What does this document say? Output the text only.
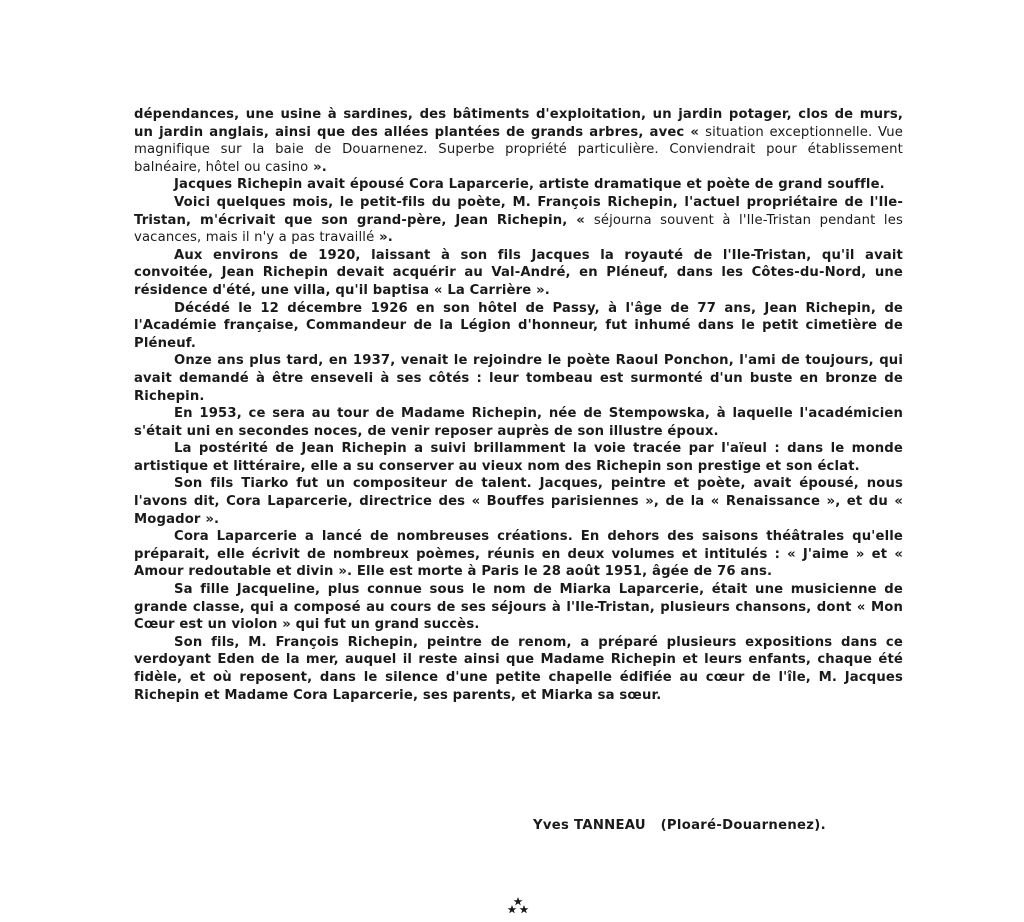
dépendances, une usine à sardines, des bâtiments d'exploitation, un jardin potager, clos de murs, un jardin anglais, ainsi que des allées plantées de grands arbres, avec « situation exceptionnelle. Vue magnifique sur la baie de Douarnenez. Superbe propriété particulière. Conviendrait pour établissement balnéaire, hôtel ou casino ».

Jacques Richepin avait épousé Cora Laparcerie, artiste dramatique et poète de grand souffle.

Voici quelques mois, le petit-fils du poète, M. François Richepin, l'actuel propriétaire de l'Ile-Tristan, m'écrivait que son grand-père, Jean Richepin, « séjourna souvent à l'Ile-Tristan pendant les vacances, mais il n'y a pas travaillé ».

Aux environs de 1920, laissant à son fils Jacques la royauté de l'Ile-Tristan, qu'il avait convoitée, Jean Richepin devait acquérir au Val-André, en Pléneuf, dans les Côtes-du-Nord, une résidence d'été, une villa, qu'il baptisa « La Carrière ».

Décédé le 12 décembre 1926 en son hôtel de Passy, à l'âge de 77 ans, Jean Richepin, de l'Académie française, Commandeur de la Légion d'honneur, fut inhumé dans le petit cimetière de Pléneuf.

Onze ans plus tard, en 1937, venait le rejoindre le poète Raoul Ponchon, l'ami de toujours, qui avait demandé à être enseveli à ses côtés : leur tombeau est surmonté d'un buste en bronze de Richepin.

En 1953, ce sera au tour de Madame Richepin, née de Stempowska, à laquelle l'académicien s'était uni en secondes noces, de venir reposer auprès de son illustre époux.

La postérité de Jean Richepin a suivi brillamment la voie tracée par l'aïeul : dans le monde artistique et littéraire, elle a su conserver au vieux nom des Richepin son prestige et son éclat.

Son fils Tiarko fut un compositeur de talent. Jacques, peintre et poète, avait épousé, nous l'avons dit, Cora Laparcerie, directrice des « Bouffes parisiennes », de la « Renaissance », et du « Mogador ».

Cora Laparcerie a lancé de nombreuses créations. En dehors des saisons théâtrales qu'elle préparait, elle écrivit de nombreux poèmes, réunis en deux volumes et intitulés : « J'aime » et « Amour redoutable et divin ». Elle est morte à Paris le 28 août 1951, âgée de 76 ans.

Sa fille Jacqueline, plus connue sous le nom de Miarka Laparcerie, était une musicienne de grande classe, qui a composé au cours de ses séjours à l'Ile-Tristan, plusieurs chansons, dont « Mon Cœur est un violon » qui fut un grand succès.

Son fils, M. François Richepin, peintre de renom, a préparé plusieurs expositions dans ce verdoyant Eden de la mer, auquel il reste ainsi que Madame Richepin et leurs enfants, chaque été fidèle, et où reposent, dans le silence d'une petite chapelle édifiée au cœur de l'île, M. Jacques Richepin et Madame Cora Laparcerie, ses parents, et Miarka sa sœur.

Yves TANNEAU (Ploaré-Douarnenez).
